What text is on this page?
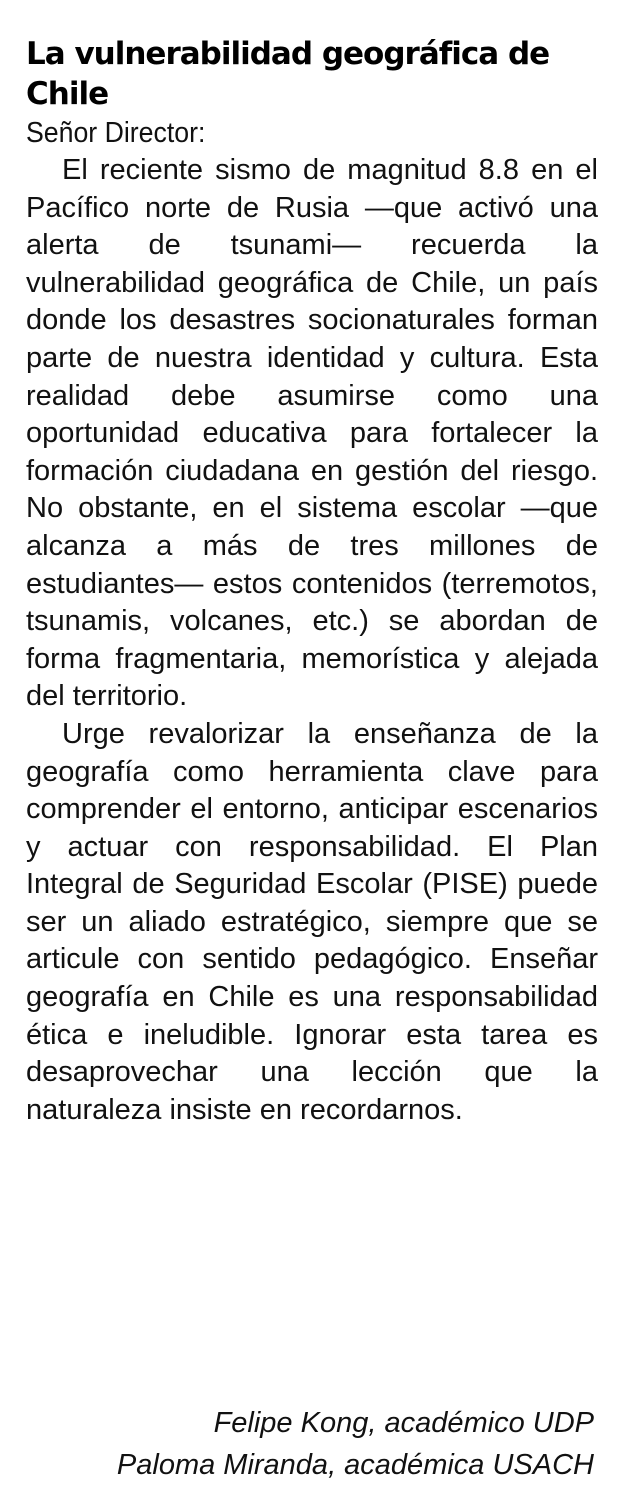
La vulnerabilidad geográfica de Chile

Señor Director:

El reciente sismo de magnitud 8.8 en el Pacífico norte de Rusia —que activó una alerta de tsunami— recuerda la vulnerabilidad geográfica de Chile, un país donde los desastres socionaturales forman parte de nuestra identidad y cultura. Esta realidad debe asumirse como una oportunidad educativa para fortalecer la formación ciudadana en gestión del riesgo. No obstante, en el sistema escolar —que alcanza a más de tres millones de estudiantes— estos contenidos (terremotos, tsunamis, volcanes, etc.) se abordan de forma fragmentaria, memorística y alejada del territorio.

Urge revalorizar la enseñanza de la geografía como herramienta clave para comprender el entorno, anticipar escenarios y actuar con responsabilidad. El Plan Integral de Seguridad Escolar (PISE) puede ser un aliado estratégico, siempre que se articule con sentido pedagógico. Enseñar geografía en Chile es una responsabilidad ética e ineludible. Ignorar esta tarea es desaprovechar una lección que la naturaleza insiste en recordarnos.

Felipe Kong, académico UDP
Paloma Miranda, académica USACH
